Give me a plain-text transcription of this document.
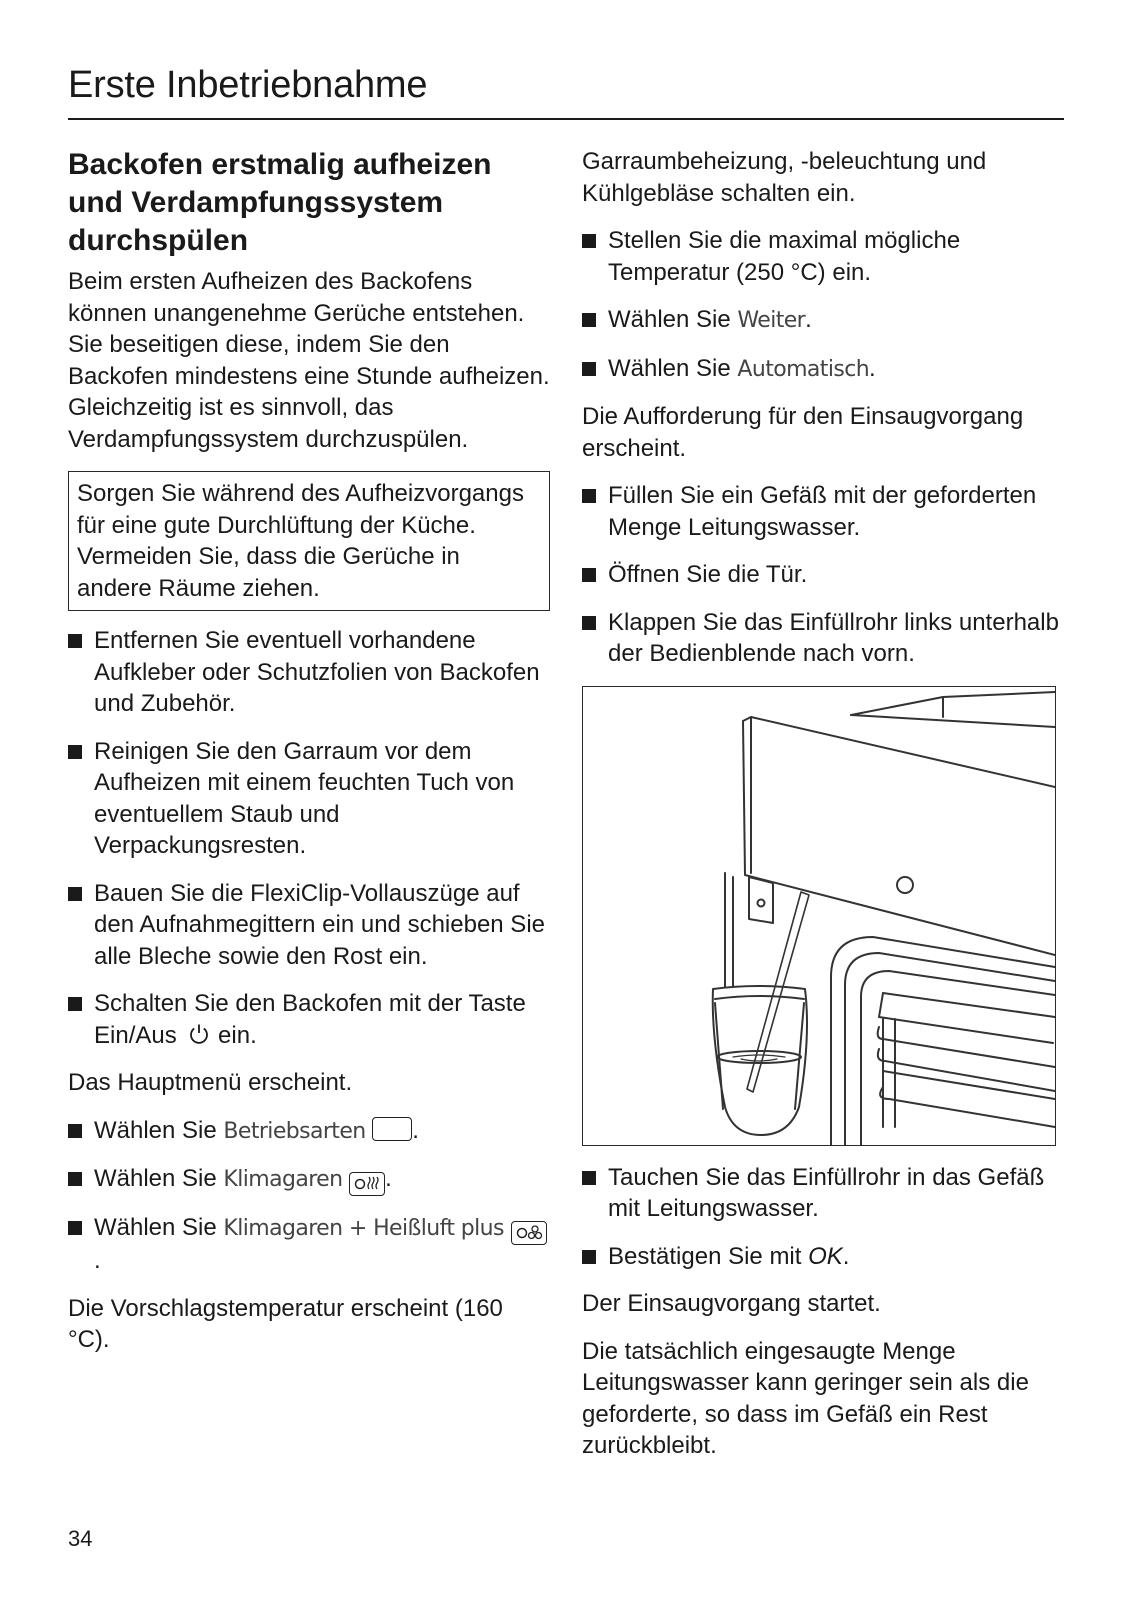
Erste Inbetriebnahme
Backofen erstmalig aufheizen und Verdampfungssystem durchspülen

Beim ersten Aufheizen des Backofens können unangenehme Gerüche entstehen. Sie beseitigen diese, indem Sie den Backofen mindestens eine Stunde aufheizen. Gleichzeitig ist es sinnvoll, das Verdampfungssystem durchzuspülen.

Sorgen Sie während des Aufheizvorgangs für eine gute Durchlüftung der Küche.
Vermeiden Sie, dass die Gerüche in andere Räume ziehen.
Entfernen Sie eventuell vorhandene Aufkleber oder Schutzfolien von Backofen und Zubehör.
Reinigen Sie den Garraum vor dem Aufheizen mit einem feuchten Tuch von eventuellem Staub und Verpackungsresten.
Bauen Sie die FlexiClip-Vollauszüge auf den Aufnahmegittern ein und schieben Sie alle Bleche sowie den Rost ein.
Schalten Sie den Backofen mit der Taste Ein/Aus  ein.

Das Hauptmenü erscheint.

Wählen Sie Betriebsarten .
Wählen Sie Klimagaren .
Wählen Sie Klimagaren + Heißluft plus .

Die Vorschlagstemperatur erscheint (160 °C).

Garraumbeheizung, -beleuchtung und Kühlgebläse schalten ein.

Stellen Sie die maximal mögliche Temperatur (250 °C) ein.
Wählen Sie Weiter.
Wählen Sie Automatisch.

Die Aufforderung für den Einsaugvorgang erscheint.

Füllen Sie ein Gefäß mit der geforderten Menge Leitungswasser.
Öffnen Sie die Tür.
Klappen Sie das Einfüllrohr links unterhalb der Bedienblende nach vorn.
Tauchen Sie das Einfüllrohr in das Gefäß mit Leitungswasser.
Bestätigen Sie mit OK.

Der Einsaugvorgang startet.

Die tatsächlich eingesaugte Menge Leitungswasser kann geringer sein als die geforderte, so dass im Gefäß ein Rest zurückbleibt.

34
